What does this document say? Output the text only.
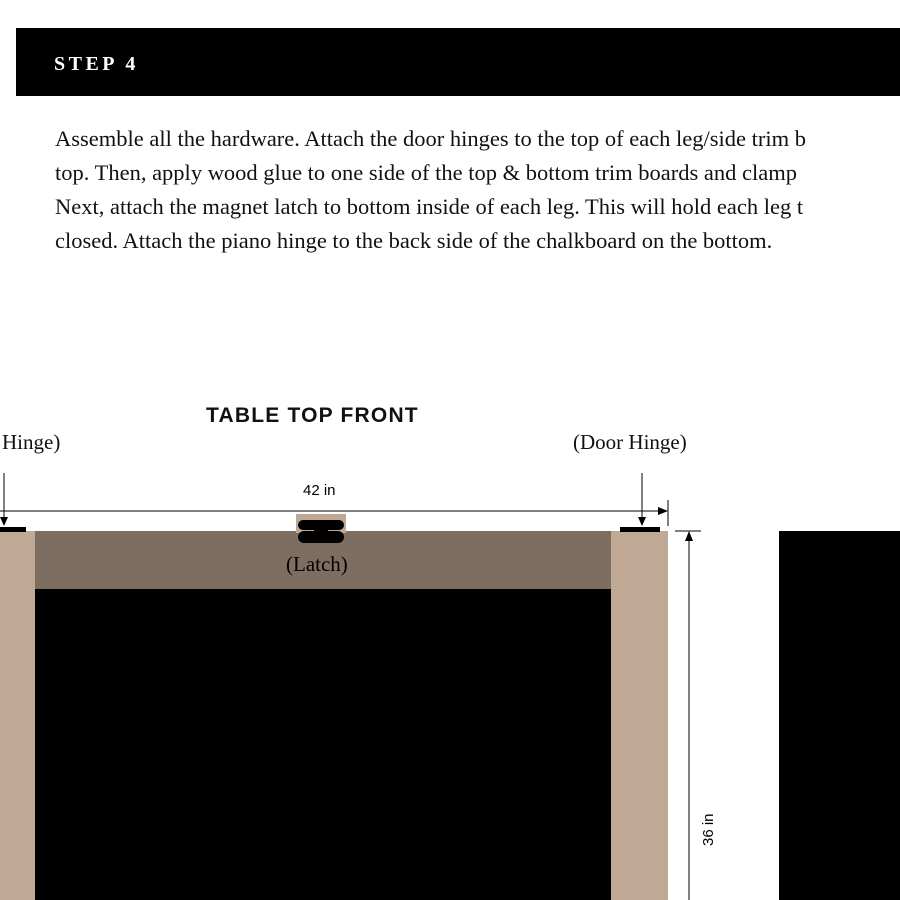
STEP 4
Assemble all the hardware. Attach the door hinges to the top of each leg/side trim b
top. Then, apply wood glue to one side of the top & bottom trim boards and clamp
Next, attach the magnet latch to bottom inside of each leg. This will hold each leg t
closed. Attach the piano hinge to the back side of the chalkboard on the bottom.
TABLE TOP FRONT
Hinge)	(Door Hinge)
(Latch)
42 in
36 in
